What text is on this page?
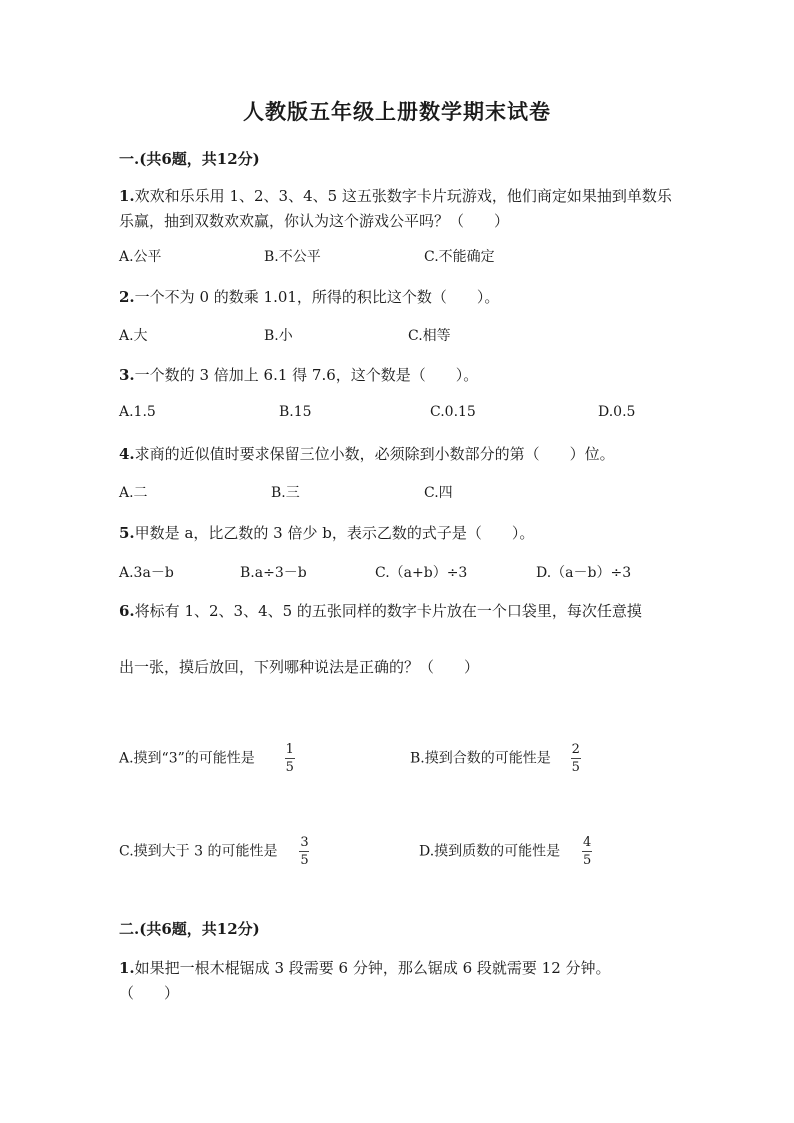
人教版五年级上册数学期末试卷
一.(共6题，共12分)
1.欢欢和乐乐用 1、2、3、4、5 这五张数字卡片玩游戏，他们商定如果抽到单数乐乐赢，抽到双数欢欢赢，你认为这个游戏公平吗？（　　）
A.公平	B.不公平	C.不能确定
2.一个不为 0 的数乘 1.01，所得的积比这个数（　　）。
A.大	B.小	C.相等
3.一个数的 3 倍加上 6.1 得 7.6，这个数是（　　）。
A.1.5	B.15	C.0.15	D.0.5
4.求商的近似值时要求保留三位小数，必须除到小数部分的第（　　）位。
A.二	B.三	C.四
5.甲数是 a，比乙数的 3 倍少 b，表示乙数的式子是（　　）。
A.3a－b	B.a÷3－b	C.（a+b）÷3	D.（a－b）÷3
6.将标有 1、2、3、4、5 的五张同样的数字卡片放在一个口袋里，每次任意摸
出一张，摸后放回，下列哪种说法是正确的？（　　）
A.摸到“3”的可能性是 $\frac{1}{5}$	B.摸到合数的可能性是 $\frac{2}{5}$
C.摸到大于 3 的可能性是 $\frac{3}{5}$	D.摸到质数的可能性是 $\frac{4}{5}$
二.(共6题，共12分)
1.如果把一根木棍锯成 3 段需要 6 分钟，那么锯成 6 段就需要 12 分钟。（　　）
